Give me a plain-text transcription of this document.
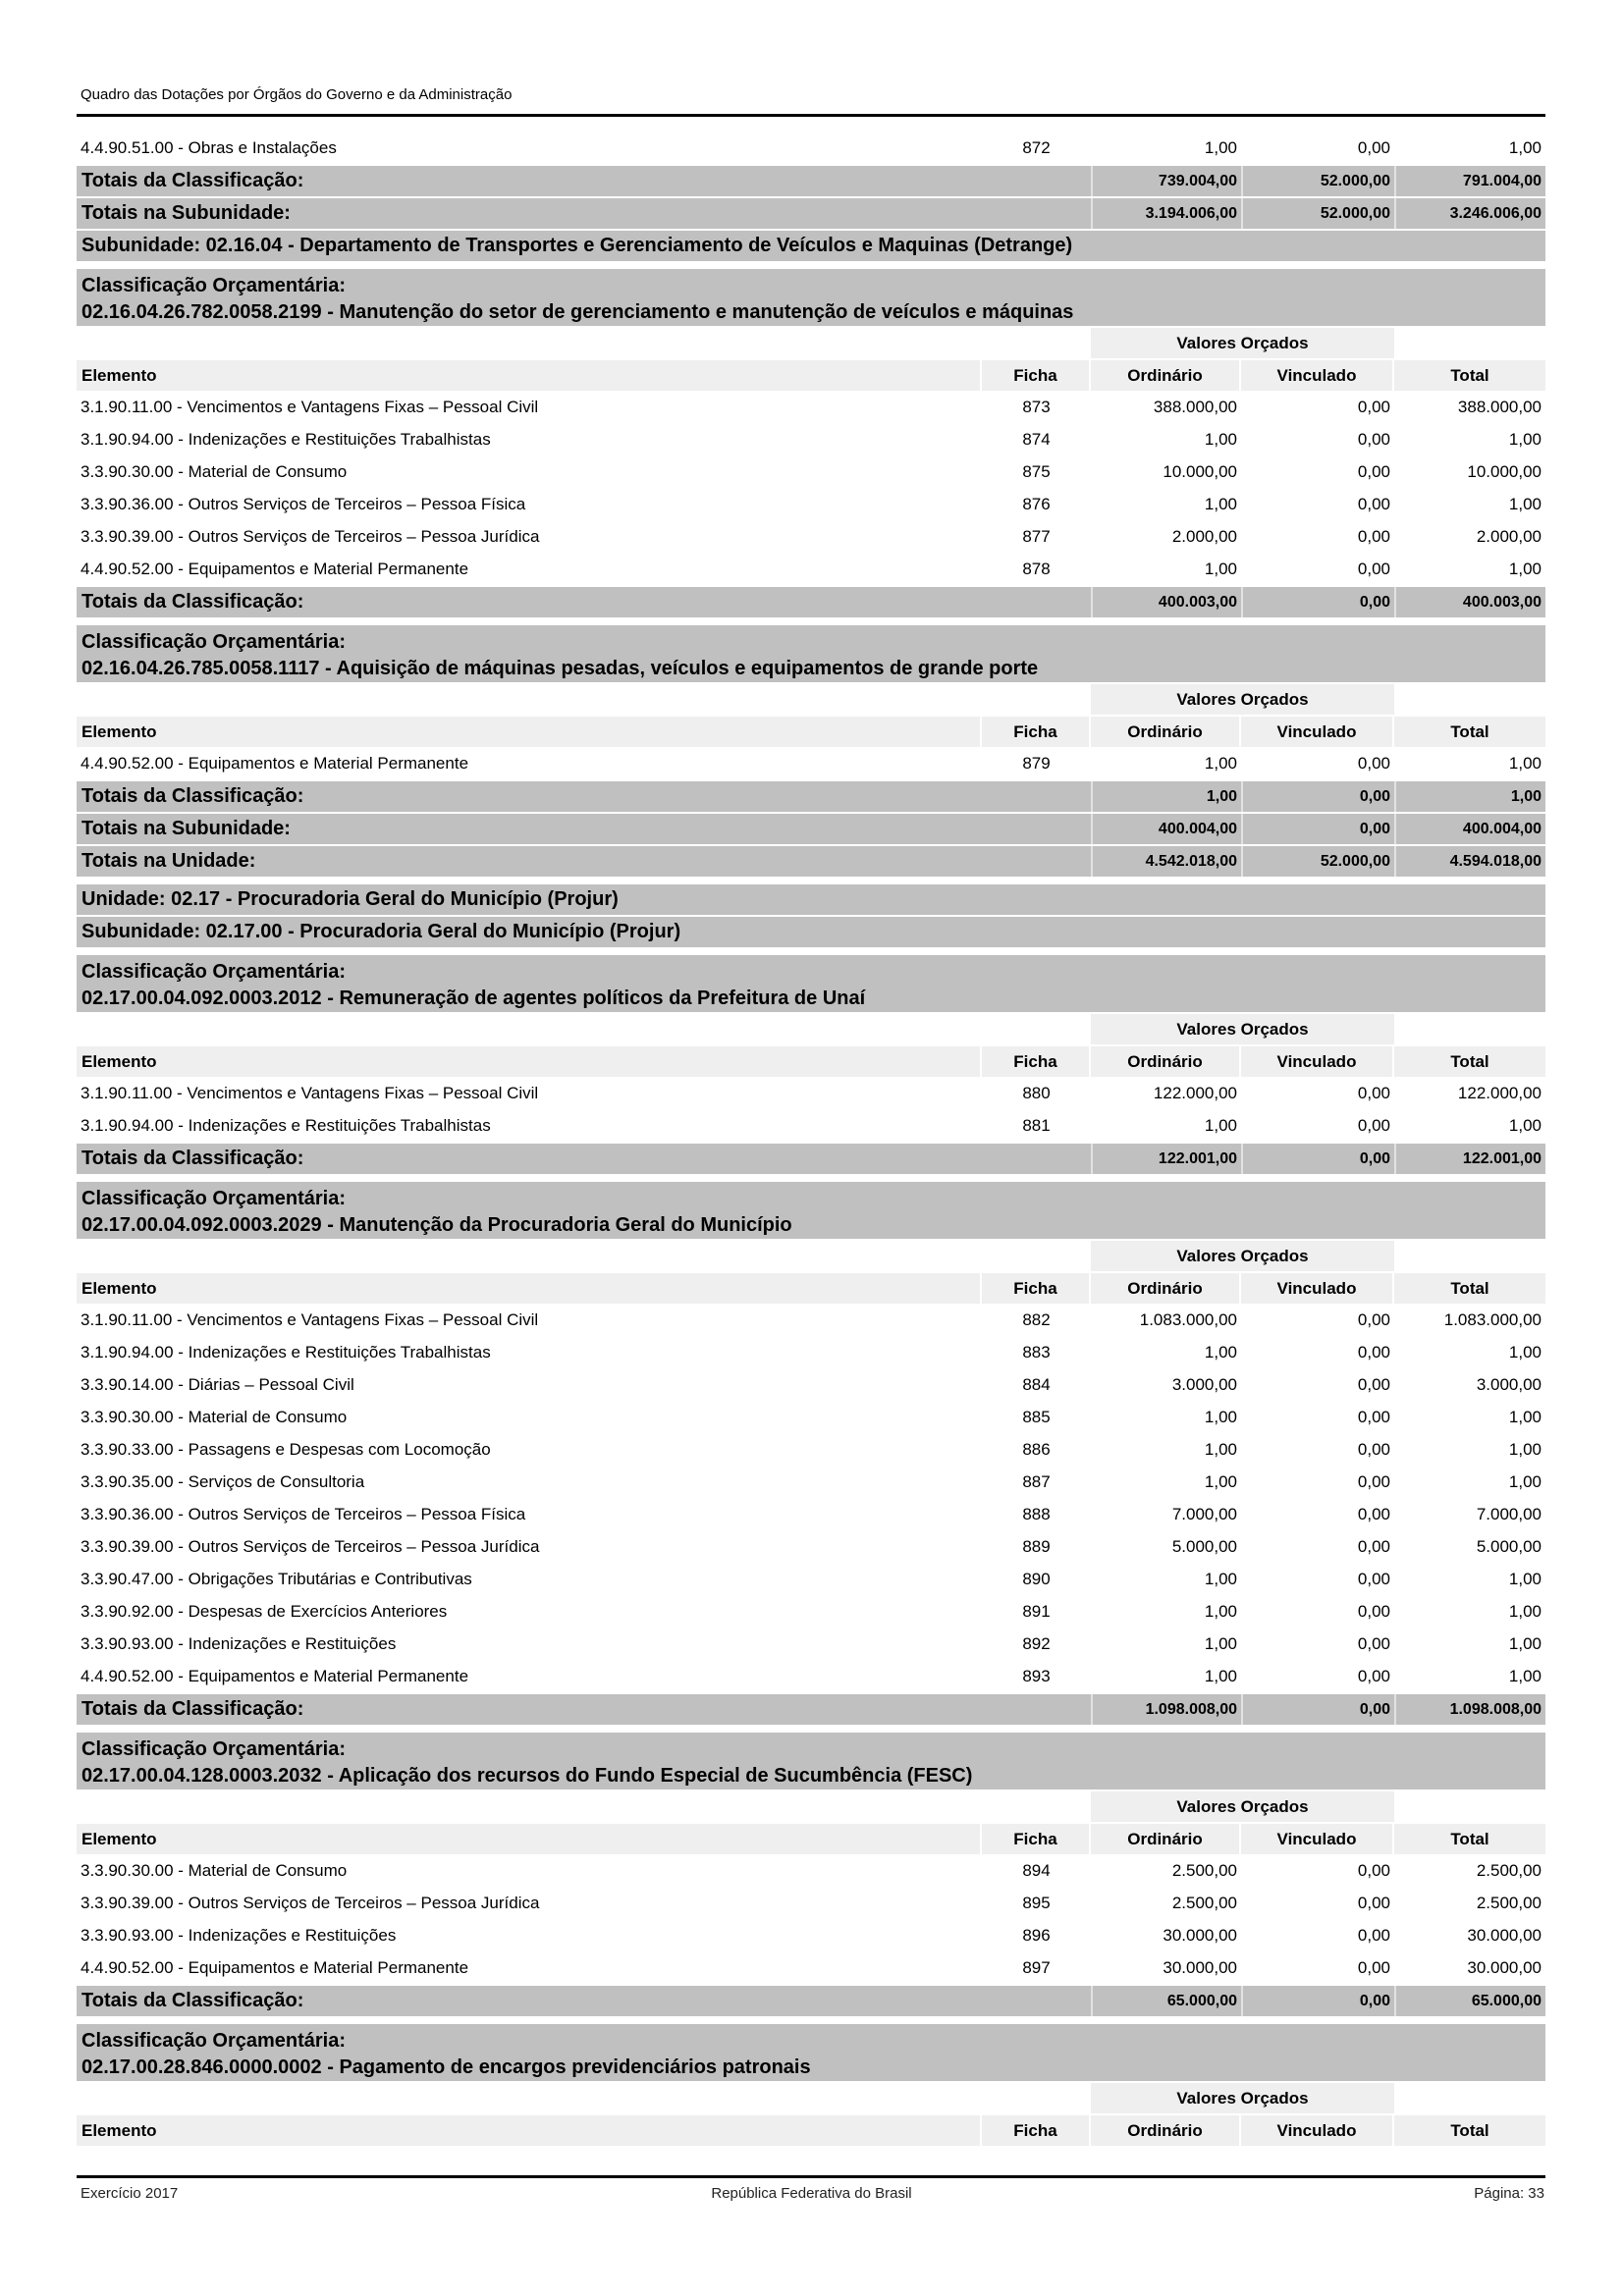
Quadro das Dotações por Órgãos do Governo e da Administração
4.4.90.51.00 - Obras e Instalações	872	1,00	0,00	1,00
Totais da Classificação:	739.004,00	52.000,00	791.004,00
Totais na Subunidade:	3.194.006,00	52.000,00	3.246.006,00
Subunidade: 02.16.04 - Departamento de Transportes e Gerenciamento de Veículos e Maquinas (Detrange)
Classificação Orçamentária:
02.16.04.26.782.0058.2199 - Manutenção do setor de gerenciamento e manutenção de veículos e máquinas
Valores Orçados
Elemento	Ficha	Ordinário	Vinculado	Total
3.1.90.11.00 - Vencimentos e Vantagens Fixas – Pessoal Civil	873	388.000,00	0,00	388.000,00
3.1.90.94.00 - Indenizações e Restituições Trabalhistas	874	1,00	0,00	1,00
3.3.90.30.00 - Material de Consumo	875	10.000,00	0,00	10.000,00
3.3.90.36.00 - Outros Serviços de Terceiros – Pessoa Física	876	1,00	0,00	1,00
3.3.90.39.00 - Outros Serviços de Terceiros – Pessoa Jurídica	877	2.000,00	0,00	2.000,00
4.4.90.52.00 - Equipamentos e Material Permanente	878	1,00	0,00	1,00
Totais da Classificação:	400.003,00	0,00	400.003,00
Classificação Orçamentária:
02.16.04.26.785.0058.1117 - Aquisição de máquinas pesadas, veículos e equipamentos de grande porte
Valores Orçados
Elemento	Ficha	Ordinário	Vinculado	Total
4.4.90.52.00 - Equipamentos e Material Permanente	879	1,00	0,00	1,00
Totais da Classificação:	1,00	0,00	1,00
Totais na Subunidade:	400.004,00	0,00	400.004,00
Totais na Unidade:	4.542.018,00	52.000,00	4.594.018,00
Unidade: 02.17 - Procuradoria Geral do Município (Projur)
Subunidade: 02.17.00 - Procuradoria Geral do Município (Projur)
Classificação Orçamentária:
02.17.00.04.092.0003.2012 - Remuneração de agentes políticos da Prefeitura de Unaí
Valores Orçados
Elemento	Ficha	Ordinário	Vinculado	Total
3.1.90.11.00 - Vencimentos e Vantagens Fixas – Pessoal Civil	880	122.000,00	0,00	122.000,00
3.1.90.94.00 - Indenizações e Restituições Trabalhistas	881	1,00	0,00	1,00
Totais da Classificação:	122.001,00	0,00	122.001,00
Classificação Orçamentária:
02.17.00.04.092.0003.2029 - Manutenção da Procuradoria Geral do Município
Valores Orçados
Elemento	Ficha	Ordinário	Vinculado	Total
3.1.90.11.00 - Vencimentos e Vantagens Fixas – Pessoal Civil	882	1.083.000,00	0,00	1.083.000,00
3.1.90.94.00 - Indenizações e Restituições Trabalhistas	883	1,00	0,00	1,00
3.3.90.14.00 - Diárias – Pessoal Civil	884	3.000,00	0,00	3.000,00
3.3.90.30.00 - Material de Consumo	885	1,00	0,00	1,00
3.3.90.33.00 - Passagens e Despesas com Locomoção	886	1,00	0,00	1,00
3.3.90.35.00 - Serviços de Consultoria	887	1,00	0,00	1,00
3.3.90.36.00 - Outros Serviços de Terceiros – Pessoa Física	888	7.000,00	0,00	7.000,00
3.3.90.39.00 - Outros Serviços de Terceiros – Pessoa Jurídica	889	5.000,00	0,00	5.000,00
3.3.90.47.00 - Obrigações Tributárias e Contributivas	890	1,00	0,00	1,00
3.3.90.92.00 - Despesas de Exercícios Anteriores	891	1,00	0,00	1,00
3.3.90.93.00 - Indenizações e Restituições	892	1,00	0,00	1,00
4.4.90.52.00 - Equipamentos e Material Permanente	893	1,00	0,00	1,00
Totais da Classificação:	1.098.008,00	0,00	1.098.008,00
Classificação Orçamentária:
02.17.00.04.128.0003.2032 - Aplicação dos recursos do Fundo Especial de Sucumbência (FESC)
Valores Orçados
Elemento	Ficha	Ordinário	Vinculado	Total
3.3.90.30.00 - Material de Consumo	894	2.500,00	0,00	2.500,00
3.3.90.39.00 - Outros Serviços de Terceiros – Pessoa Jurídica	895	2.500,00	0,00	2.500,00
3.3.90.93.00 - Indenizações e Restituições	896	30.000,00	0,00	30.000,00
4.4.90.52.00 - Equipamentos e Material Permanente	897	30.000,00	0,00	30.000,00
Totais da Classificação:	65.000,00	0,00	65.000,00
Classificação Orçamentária:
02.17.00.28.846.0000.0002 - Pagamento de encargos previdenciários patronais
Valores Orçados
Elemento	Ficha	Ordinário	Vinculado	Total
Exercício 2017	República Federativa do Brasil	Página: 33
